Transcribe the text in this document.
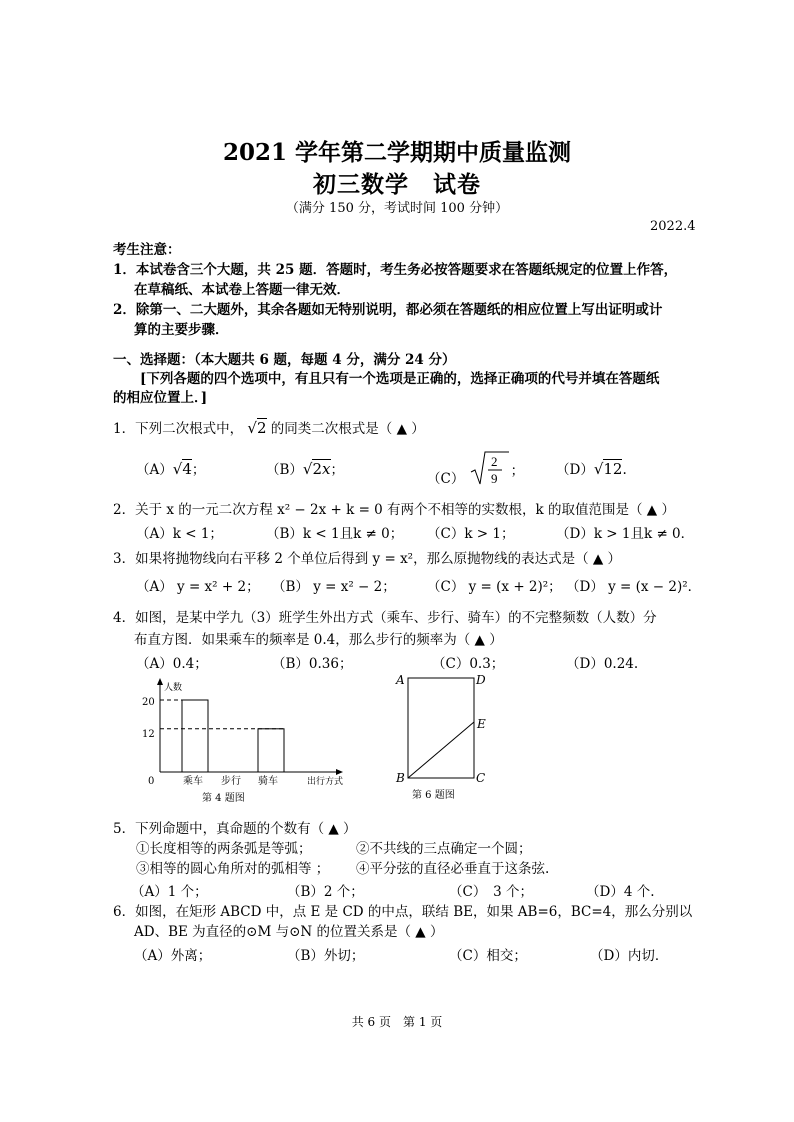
2021 学年第二学期期中质量监测
初三数学　试卷
（满分 150 分，考试时间 100 分钟）
2022.4
考生注意：
1．本试卷含三个大题，共 25 题．答题时，考生务必按答题要求在答题纸规定的位置上作答，
在草稿纸、本试卷上答题一律无效．
2．除第一、二大题外，其余各题如无特别说明，都必须在答题纸的相应位置上写出证明或计
算的主要步骤．
一、选择题：（本大题共 6 题，每题 4 分，满分 24 分）
[下列各题的四个选项中，有且只有一个选项是正确的，选择正确项的代号并填在答题纸
的相应位置上．]
1．下列二次根式中， √2 的同类二次根式是（ ▲ ）
（A）√4；	（B）√2x；
（C）
2
9 ； （D）√12.
2．关于 x 的一元二次方程 x² − 2x + k = 0 有两个不相等的实数根，k 的取值范围是（ ▲ ）
（A）k < 1；	（B）k < 1且k ≠ 0； （C）k > 1；	（D）k > 1且k ≠ 0．
3．如果将抛物线向右平移 2 个单位后得到 y = x²，那么原抛物线的表达式是（ ▲ ）
（A） y = x² + 2； （B） y = x² − 2； （C） y = (x + 2)²； （D） y = (x − 2)²．
4．如图，是某中学九（3）班学生外出方式（乘车、步行、骑车）的不完整频数（人数）分
布直方图．如果乘车的频率是 0.4，那么步行的频率为（ ▲ ）
（A）0.4；	（B）0.36；	（C）0.3；	（D）0.24.
人数
20
12
0	乘车 步行 骑车	出行方式
第 4 题图
A	D
E
B	C
第 6 题图
5．下列命题中，真命题的个数有（ ▲ ）
①长度相等的两条弧是等弧；	②不共线的三点确定一个圆；
③相等的圆心角所对的弧相等 ； ④平分弦的直径必垂直于这条弦.
（A）1 个；	（B）2 个；	（C）　3 个；	（D）4 个.
6．如图，在矩形 ABCD 中，点 E 是 CD 的中点，联结 BE，如果 AB=6，BC=4，那么分别以
AD、BE 为直径的⊙M 与⊙N 的位置关系是（ ▲ ）
（A）外离；	（B）外切；	（C）相交；	（D）内切．
共 6 页　第 1 页
